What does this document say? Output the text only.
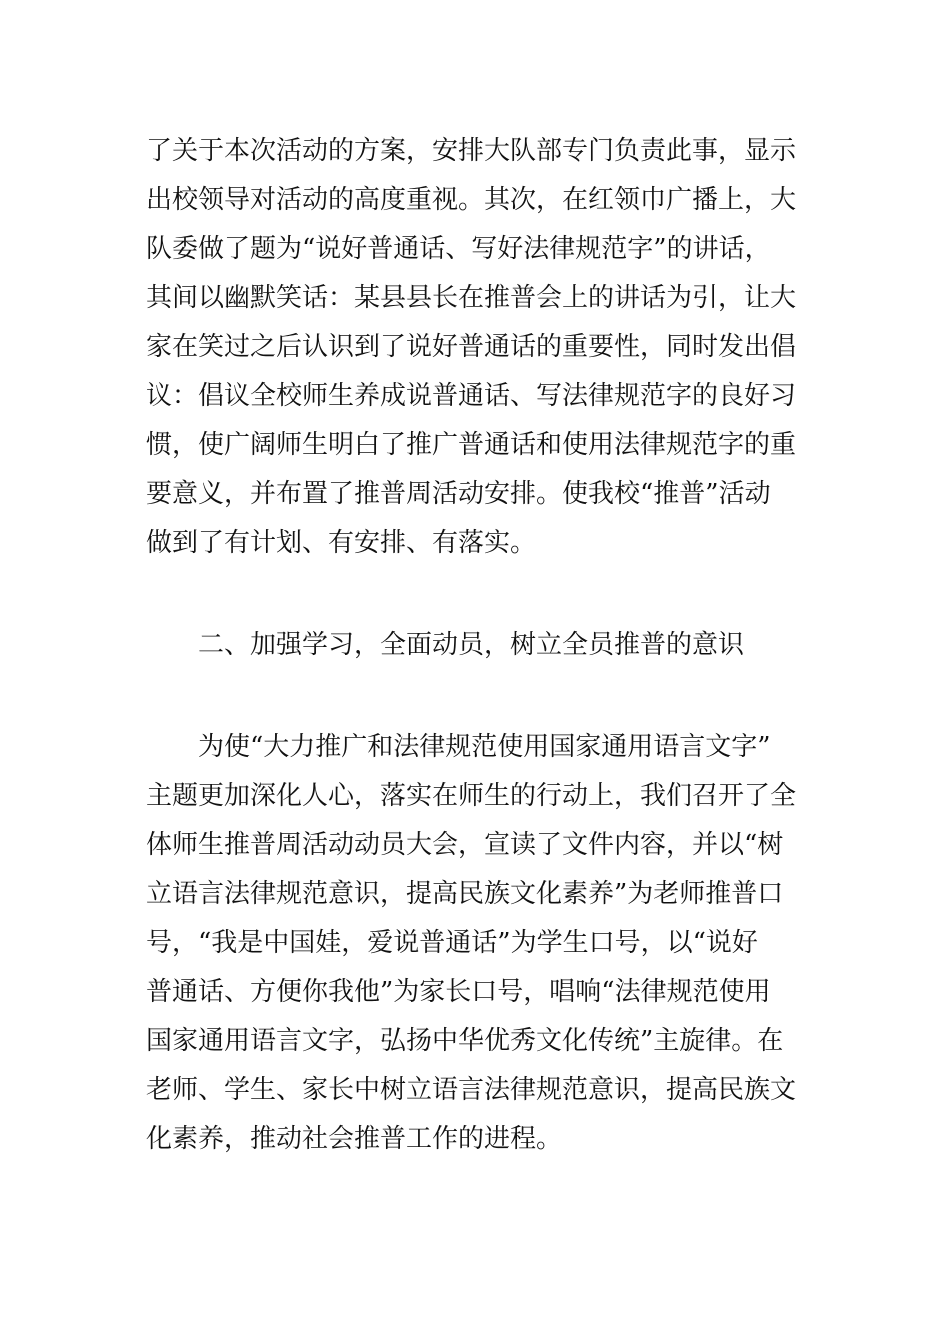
了关于本次活动的方案，安排大队部专门负责此事，显示
出校领导对活动的高度重视。其次，在红领巾广播上，大
队委做了题为“说好普通话、写好法律规范字”的讲话，
其间以幽默笑话：某县县长在推普会上的讲话为引，让大
家在笑过之后认识到了说好普通话的重要性，同时发出倡
议：倡议全校师生养成说普通话、写法律规范字的良好习
惯，使广阔师生明白了推广普通话和使用法律规范字的重
要意义，并布置了推普周活动安排。使我校“推普”活动
做到了有计划、有安排、有落实。
二、加强学习，全面动员，树立全员推普的意识
为使“大力推广和法律规范使用国家通用语言文字”
主题更加深化人心，落实在师生的行动上，我们召开了全
体师生推普周活动动员大会，宣读了文件内容，并以“树
立语言法律规范意识，提高民族文化素养”为老师推普口
号，“我是中国娃，爱说普通话”为学生口号，以“说好
普通话、方便你我他”为家长口号，唱响“法律规范使用
国家通用语言文字，弘扬中华优秀文化传统”主旋律。在
老师、学生、家长中树立语言法律规范意识，提高民族文
化素养，推动社会推普工作的进程。
